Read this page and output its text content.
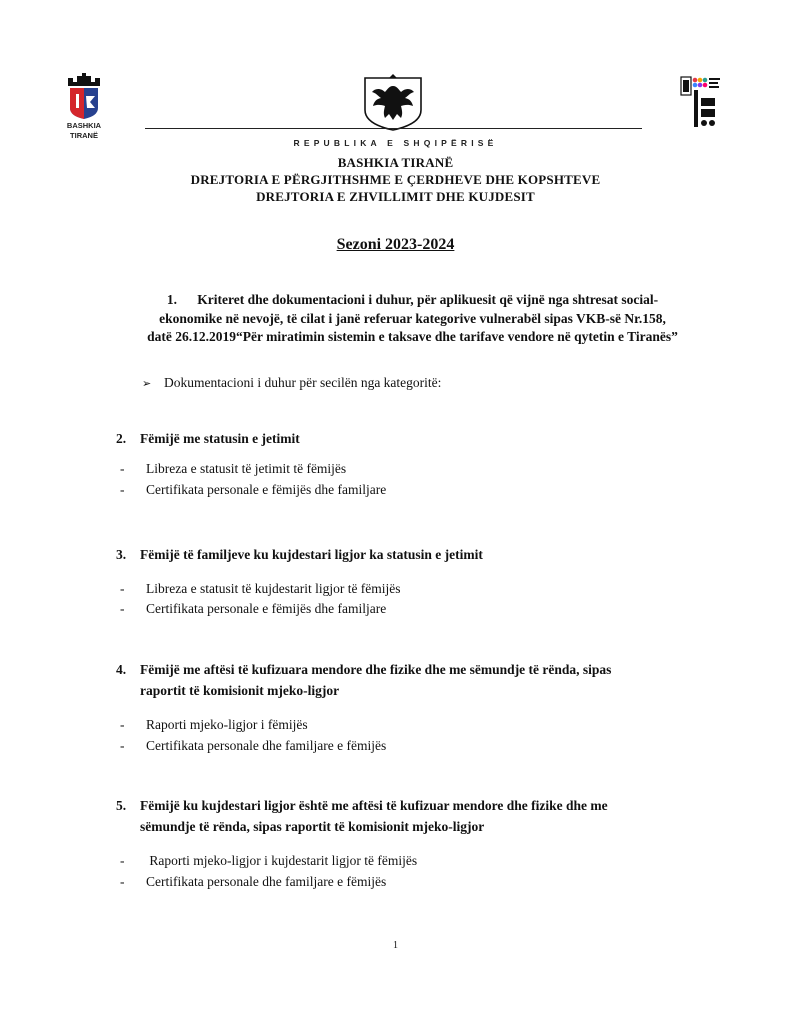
BASHKIA
TIRANË
REPUBLIKA E SHQIPËRISË
BASHKIA TIRANË
DREJTORIA E PËRGJITHSHME E ÇERDHEVE DHE KOPSHTEVE
DREJTORIA E ZHVILLIMIT DHE KUJDESIT
Sezoni 2023-2024
1.      Kriteret dhe dokumentacioni i duhur, për aplikuesit që vijnë nga shtresat social-
ekonomike në nevojë, të cilat i janë referuar kategorive vulnerabël sipas VKB-së Nr.158,
datë 26.12.2019“Për miratimin sistemin e taksave dhe tarifave vendore në qytetin e Tiranës”
➢ Dokumentacioni i duhur për secilën nga kategoritë:
2. Fëmijë me statusin e jetimit
- Libreza e statusit të jetimit të fëmijës
- Certifikata personale e fëmijës dhe familjare
3. Fëmijë të familjeve ku kujdestari ligjor ka statusin e jetimit
- Libreza e statusit të kujdestarit ligjor të fëmijës
- Certifikata personale e fëmijës dhe familjare
4. Fëmijë me aftësi të kufizuara mendore dhe fizike dhe me sëmundje të rënda, sipas
raportit të komisionit mjeko-ligjor
- Raporti mjeko-ligjor i fëmijës
- Certifikata personale dhe familjare e fëmijës
5. Fëmijë ku kujdestari ligjor është me aftësi të kufizuar mendore dhe fizike dhe me
sëmundje të rënda, sipas raportit të komisionit mjeko-ligjor
- Raporti mjeko-ligjor i kujdestarit ligjor të fëmijës
- Certifikata personale dhe familjare e fëmijës
1
